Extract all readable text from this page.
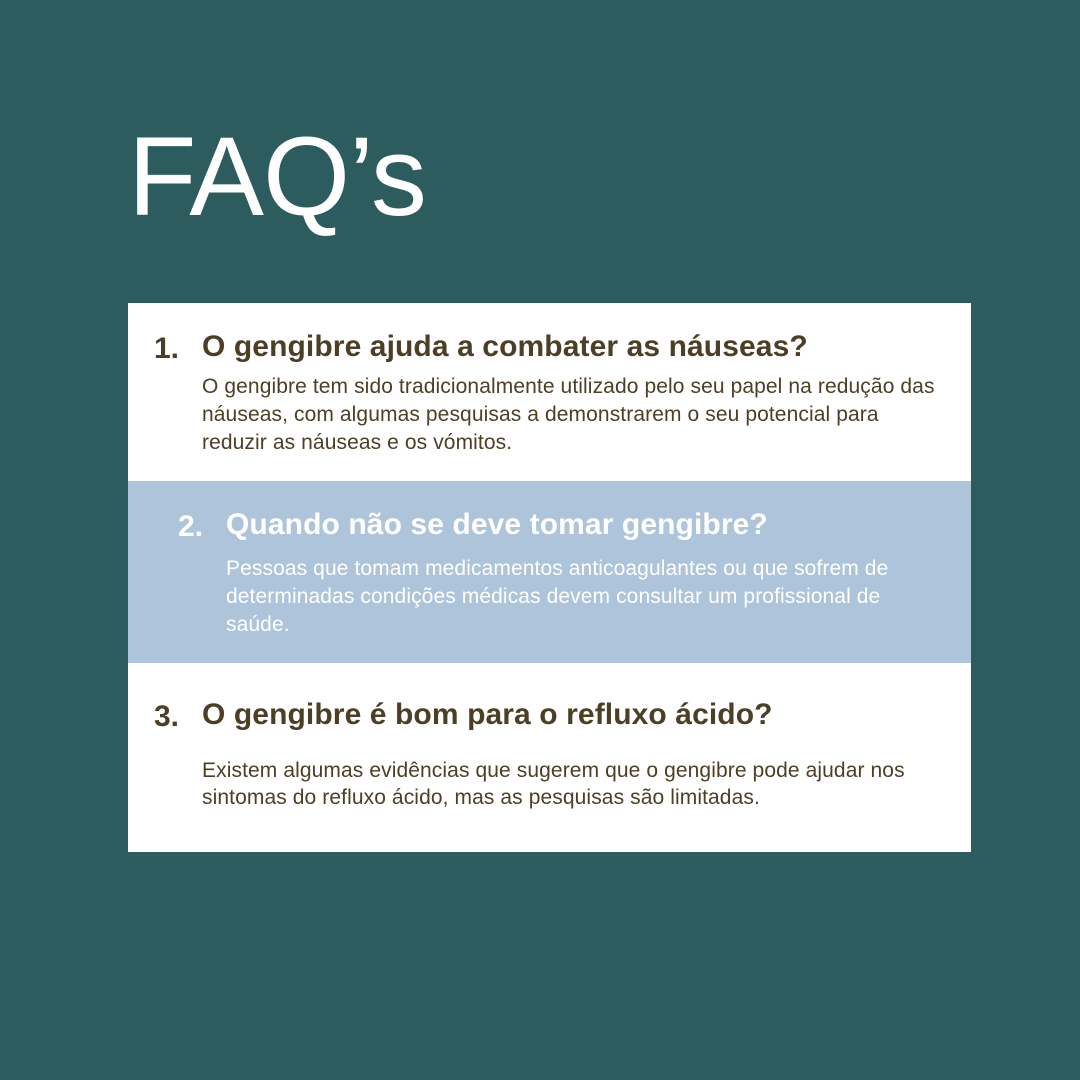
FAQ’s
1. O gengibre ajuda a combater as náuseas?
O gengibre tem sido tradicionalmente utilizado pelo seu papel na redução das náuseas, com algumas pesquisas a demonstrarem o seu potencial para reduzir as náuseas e os vómitos.
2. Quando não se deve tomar gengibre?
Pessoas que tomam medicamentos anticoagulantes ou que sofrem de determinadas condições médicas devem consultar um profissional de saúde.
3. O gengibre é bom para o refluxo ácido?
Existem algumas evidências que sugerem que o gengibre pode ajudar nos sintomas do refluxo ácido, mas as pesquisas são limitadas.
